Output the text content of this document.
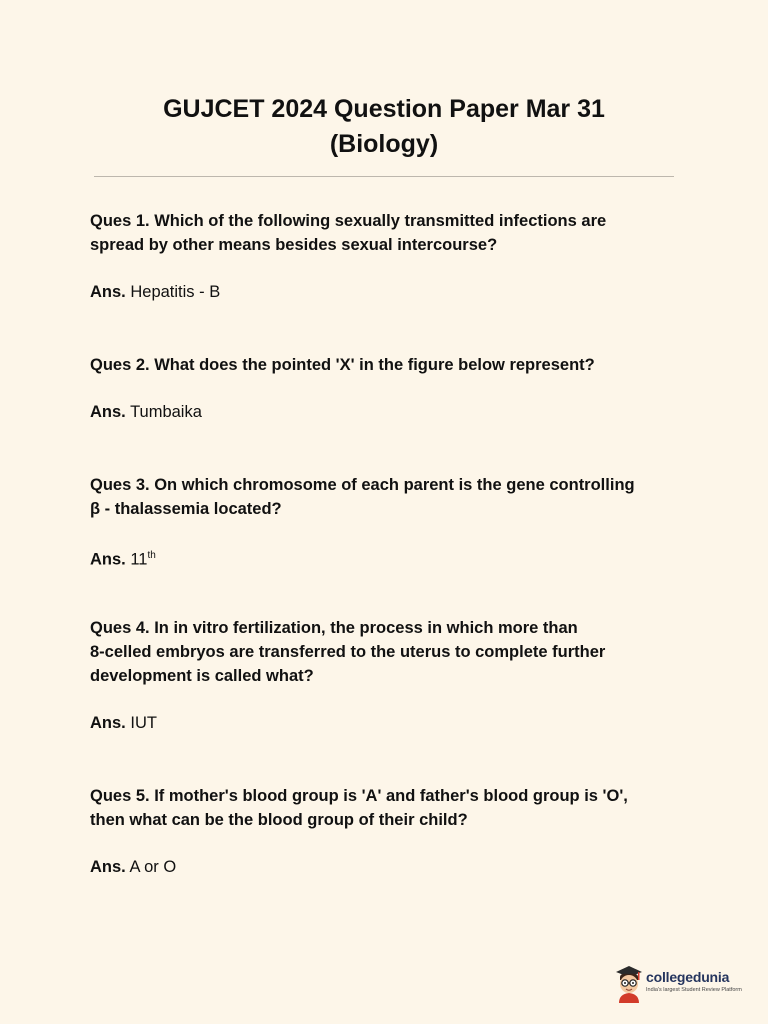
GUJCET 2024 Question Paper Mar 31
(Biology)

Ques 1. Which of the following sexually transmitted infections are
spread by other means besides sexual intercourse?

Ans. Hepatitis - B

Ques 2. What does the pointed 'X' in the figure below represent?

Ans. Tumbaika

Ques 3. On which chromosome of each parent is the gene controlling
β - thalassemia located?

Ans. 11th

Ques 4. In in vitro fertilization, the process in which more than
8-celled embryos are transferred to the uterus to complete further
development is called what?

Ans. IUT

Ques 5. If mother's blood group is 'A' and father's blood group is 'O',
then what can be the blood group of their child?

Ans. A or O

collegedunia
India's largest Student Review Platform
